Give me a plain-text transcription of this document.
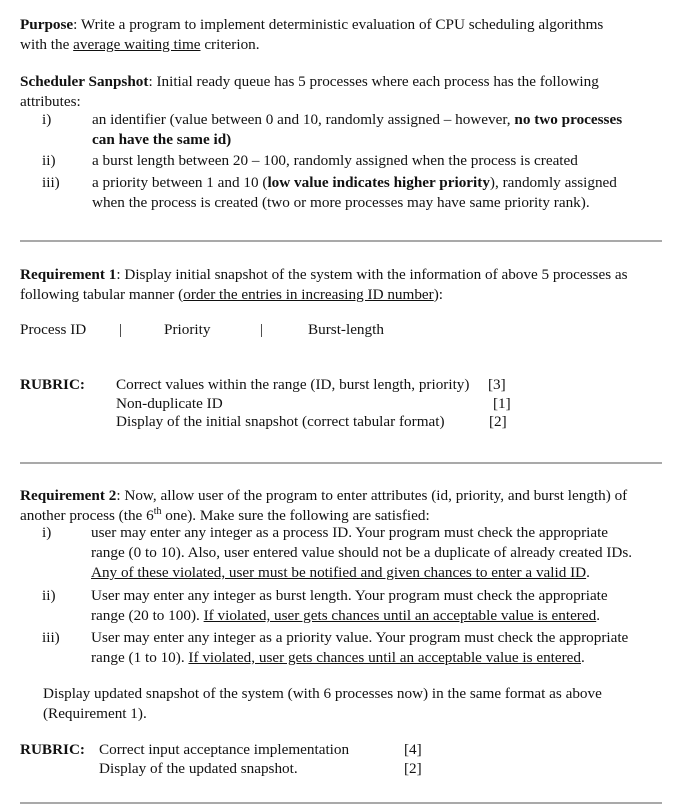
Purpose: Write a program to implement deterministic evaluation of CPU scheduling algorithms
with the average waiting time criterion.
Scheduler Sanpshot: Initial ready queue has 5 processes where each process has the following
attributes:
i)	an identifier (value between 0 and 10, randomly assigned – however, no two processes
can have the same id)
ii)	a burst length between 20 – 100, randomly assigned when the process is created
iii)	a priority between 1 and 10 (low value indicates higher priority), randomly assigned
when the process is created (two or more processes may have same priority rank).
Requirement 1: Display initial snapshot of the system with the information of above 5 processes as
following tabular manner (order the entries in increasing ID number):
Process ID |	Priority	|	Burst-length
RUBRIC: Correct values within the range (ID, burst length, priority) [3]
Non-duplicate ID	[1]
Display of the initial snapshot (correct tabular format)	[2]
Requirement 2: Now, allow user of the program to enter attributes (id, priority, and burst length) of
another process (the 6th one). Make sure the following are satisfied:
i)	user may enter any integer as a process ID. Your program must check the appropriate
range (0 to 10). Also, user entered value should not be a duplicate of already created IDs.
Any of these violated, user must be notified and given chances to enter a valid ID.
ii)	User may enter any integer as burst length. Your program must check the appropriate
range (20 to 100). If violated, user gets chances until an acceptable value is entered.
iii)	User may enter any integer as a priority value. Your program must check the appropriate
range (1 to 10). If violated, user gets chances until an acceptable value is entered.
Display updated snapshot of the system (with 6 processes now) in the same format as above
(Requirement 1).
RUBRIC: Correct input acceptance implementation	[4]
Display of the updated snapshot.	[2]
